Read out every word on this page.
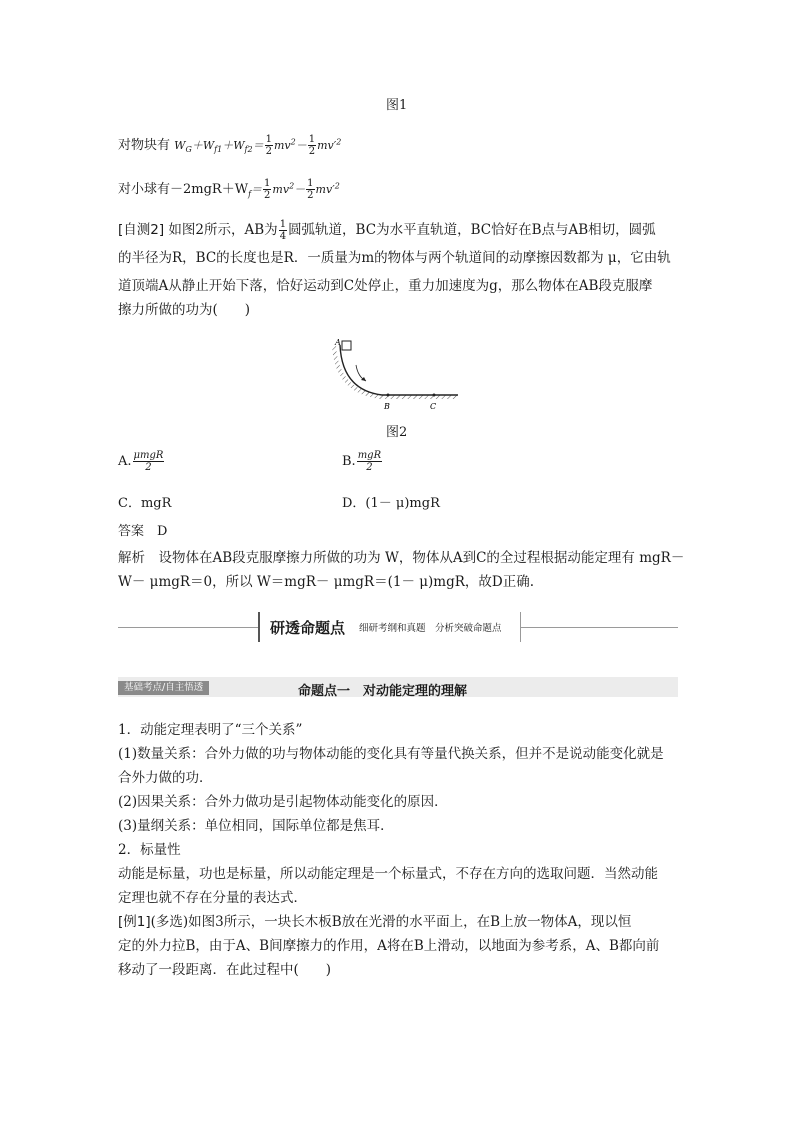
图1
对物块有 $W_G+W_{f1}+W_{f2}= \frac{1}{2} mv^2- \frac{1}{2} mv'^2$
对小球有$-2mgR+W_f= \frac{1}{2} mv^2- \frac{1}{2} mv'^2$
[自测2] 如图2所示，AB为 $\frac{1}{4}$ 圆弧轨道，BC为水平直轨道，BC恰好在B点与AB相切，圆弧
的半径为R，BC的长度也是R．一质量为m的物体与两个轨道间的动摩擦因数都为 μ，它由轨
道顶端A从静止开始下落，恰好运动到C处停止，重力加速度为g，那么物体在AB段克服摩
擦力所做的功为(　　)
A
B	C
图2
A. $\frac{\text{μmgR}}{2}$	B. $\frac{\text{mgR}}{2}$
C．mgR	D．(1－ μ)mgR
答案　D
解析　设物体在AB段克服摩擦力所做的功为 W，物体从A到C的全过程根据动能定理有 mgR－
W－ μmgR＝0，所以 W＝mgR－ μmgR＝(1－ μ)mgR，故D正确.
研透命题点 细研考纲和真题　分析突破命题点
基础考点/自主悟透	命题点一　对动能定理的理解
1．动能定理表明了“三个关系”
(1)数量关系：合外力做的功与物体动能的变化具有等量代换关系，但并不是说动能变化就是
合外力做的功．
(2)因果关系：合外力做功是引起物体动能变化的原因．
(3)量纲关系：单位相同，国际单位都是焦耳．
2．标量性
动能是标量，功也是标量，所以动能定理是一个标量式，不存在方向的选取问题．当然动能
定理也就不存在分量的表达式．
[例1](多选)如图3所示，一块长木板B放在光滑的水平面上，在B上放一物体A，现以恒
定的外力拉B，由于A、B间摩擦力的作用，A将在B上滑动，以地面为参考系，A、B都向前
移动了一段距离．在此过程中(　　)
